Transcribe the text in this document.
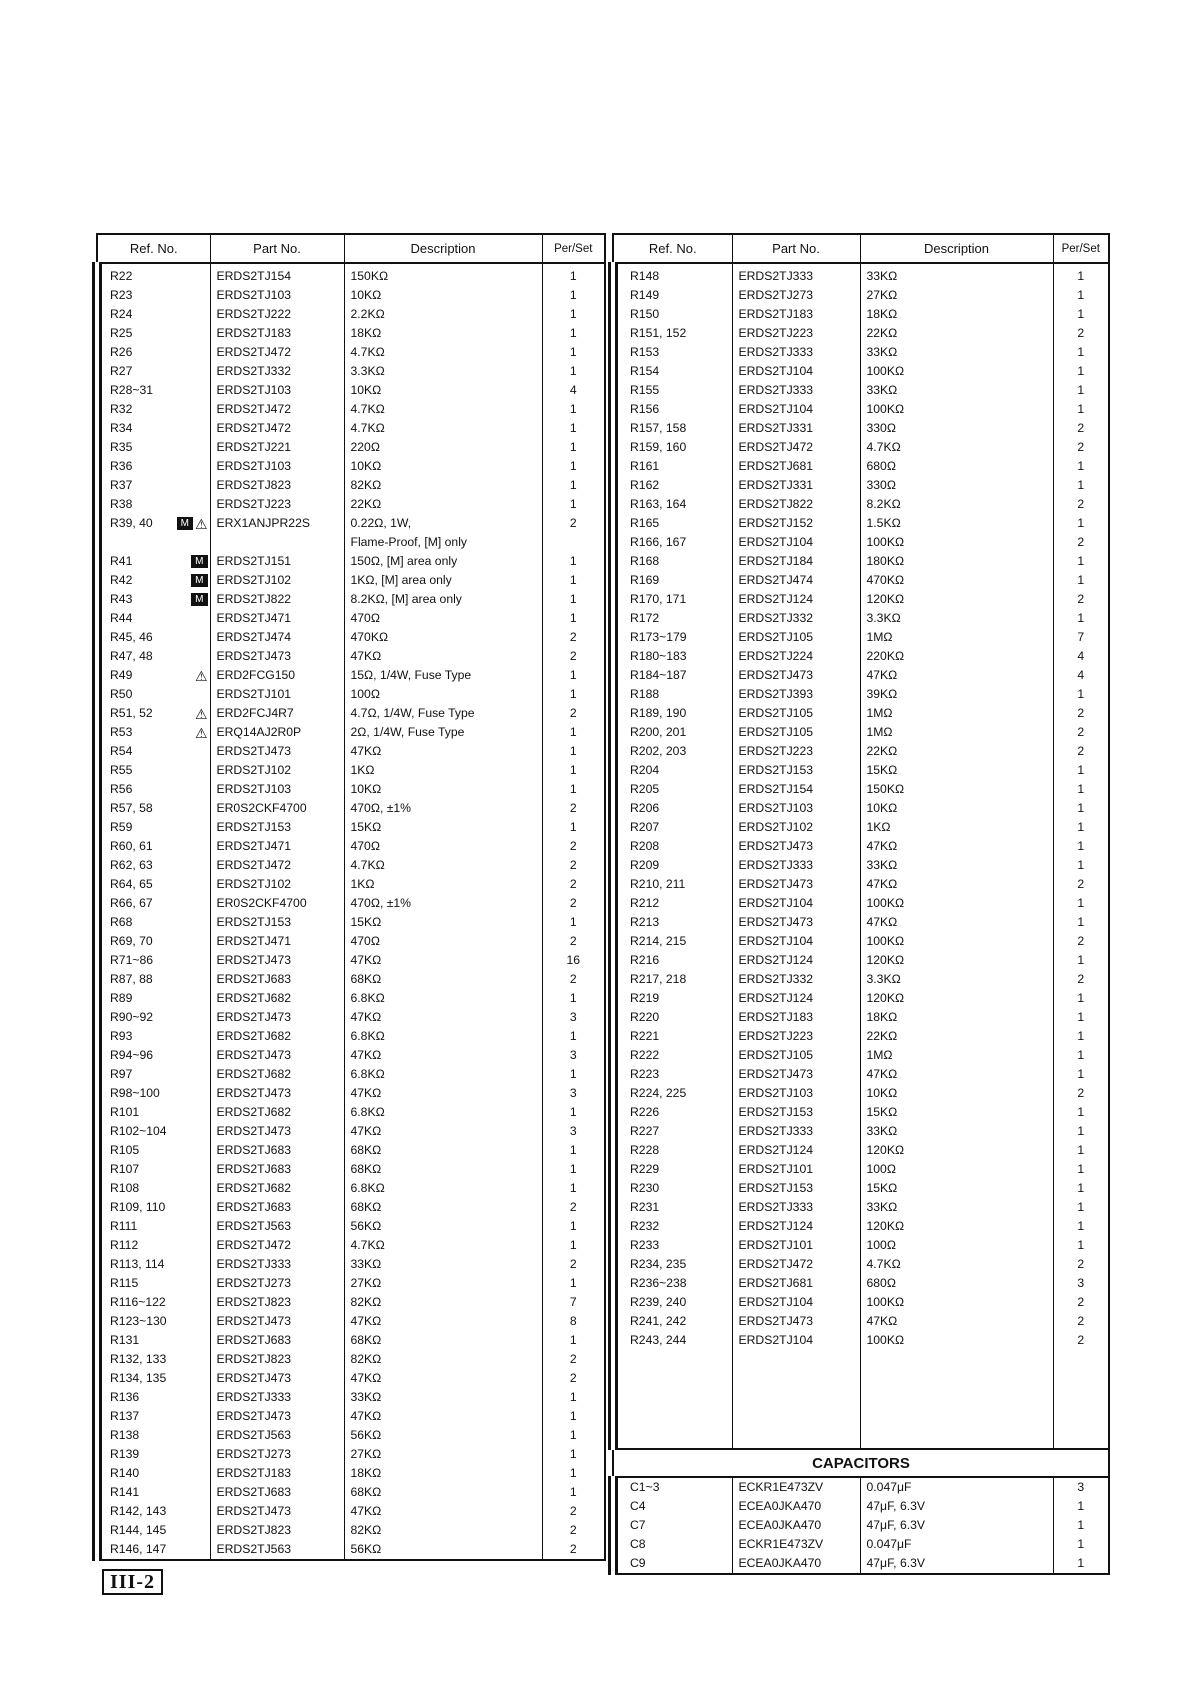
Ref. No.	Part No.	Description	Per/Set
R22	ERDS2TJ154	150KΩ	1
R23	ERDS2TJ103	10KΩ	1
R24	ERDS2TJ222	2.2KΩ	1
R25	ERDS2TJ183	18KΩ	1
R26	ERDS2TJ472	4.7KΩ	1
R27	ERDS2TJ332	3.3KΩ	1
R28~31	ERDS2TJ103	10KΩ	4
R32	ERDS2TJ472	4.7KΩ	1
R34	ERDS2TJ472	4.7KΩ	1
R35	ERDS2TJ221	220Ω	1
R36	ERDS2TJ103	10KΩ	1
R37	ERDS2TJ823	82KΩ	1
R38	ERDS2TJ223	22KΩ	1
R39, 40 M ⚠	ERX1ANJPR22S	0.22Ω, 1W,	2
		Flame-Proof, [M] only	
R41 M	ERDS2TJ151	150Ω, [M] area only	1
R42 M	ERDS2TJ102	1KΩ, [M] area only	1
R43 M	ERDS2TJ822	8.2KΩ, [M] area only	1
R44	ERDS2TJ471	470Ω	1
R45, 46	ERDS2TJ474	470KΩ	2
R47, 48	ERDS2TJ473	47KΩ	2
R49 ⚠	ERD2FCG150	15Ω, 1/4W, Fuse Type	1
R50	ERDS2TJ101	100Ω	1
R51, 52 ⚠	ERD2FCJ4R7	4.7Ω, 1/4W, Fuse Type	2
R53 ⚠	ERQ14AJ2R0P	2Ω, 1/4W, Fuse Type	1
R54	ERDS2TJ473	47KΩ	1
R55	ERDS2TJ102	1KΩ	1
R56	ERDS2TJ103	10KΩ	1
R57, 58	ER0S2CKF4700	470Ω, ±1%	2
R59	ERDS2TJ153	15KΩ	1
R60, 61	ERDS2TJ471	470Ω	2
R62, 63	ERDS2TJ472	4.7KΩ	2
R64, 65	ERDS2TJ102	1KΩ	2
R66, 67	ER0S2CKF4700	470Ω, ±1%	2
R68	ERDS2TJ153	15KΩ	1
R69, 70	ERDS2TJ471	470Ω	2
R71~86	ERDS2TJ473	47KΩ	16
R87, 88	ERDS2TJ683	68KΩ	2
R89	ERDS2TJ682	6.8KΩ	1
R90~92	ERDS2TJ473	47KΩ	3
R93	ERDS2TJ682	6.8KΩ	1
R94~96	ERDS2TJ473	47KΩ	3
R97	ERDS2TJ682	6.8KΩ	1
R98~100	ERDS2TJ473	47KΩ	3
R101	ERDS2TJ682	6.8KΩ	1
R102~104	ERDS2TJ473	47KΩ	3
R105	ERDS2TJ683	68KΩ	1
R107	ERDS2TJ683	68KΩ	1
R108	ERDS2TJ682	6.8KΩ	1
R109, 110	ERDS2TJ683	68KΩ	2
R111	ERDS2TJ563	56KΩ	1
R112	ERDS2TJ472	4.7KΩ	1
R113, 114	ERDS2TJ333	33KΩ	2
R115	ERDS2TJ273	27KΩ	1
R116~122	ERDS2TJ823	82KΩ	7
R123~130	ERDS2TJ473	47KΩ	8
R131	ERDS2TJ683	68KΩ	1
R132, 133	ERDS2TJ823	82KΩ	2
R134, 135	ERDS2TJ473	47KΩ	2
R136	ERDS2TJ333	33KΩ	1
R137	ERDS2TJ473	47KΩ	1
R138	ERDS2TJ563	56KΩ	1
R139	ERDS2TJ273	27KΩ	1
R140	ERDS2TJ183	18KΩ	1
R141	ERDS2TJ683	68KΩ	1
R142, 143	ERDS2TJ473	47KΩ	2
R144, 145	ERDS2TJ823	82KΩ	2
R146, 147	ERDS2TJ563	56KΩ	2
Ref. No.	Part No.	Description	Per/Set
R148	ERDS2TJ333	33KΩ	1
R149	ERDS2TJ273	27KΩ	1
R150	ERDS2TJ183	18KΩ	1
R151, 152	ERDS2TJ223	22KΩ	2
R153	ERDS2TJ333	33KΩ	1
R154	ERDS2TJ104	100KΩ	1
R155	ERDS2TJ333	33KΩ	1
R156	ERDS2TJ104	100KΩ	1
R157, 158	ERDS2TJ331	330Ω	2
R159, 160	ERDS2TJ472	4.7KΩ	2
R161	ERDS2TJ681	680Ω	1
R162	ERDS2TJ331	330Ω	1
R163, 164	ERDS2TJ822	8.2KΩ	2
R165	ERDS2TJ152	1.5KΩ	1
R166, 167	ERDS2TJ104	100KΩ	2
R168	ERDS2TJ184	180KΩ	1
R169	ERDS2TJ474	470KΩ	1
R170, 171	ERDS2TJ124	120KΩ	2
R172	ERDS2TJ332	3.3KΩ	1
R173~179	ERDS2TJ105	1MΩ	7
R180~183	ERDS2TJ224	220KΩ	4
R184~187	ERDS2TJ473	47KΩ	4
R188	ERDS2TJ393	39KΩ	1
R189, 190	ERDS2TJ105	1MΩ	2
R200, 201	ERDS2TJ105	1MΩ	2
R202, 203	ERDS2TJ223	22KΩ	2
R204	ERDS2TJ153	15KΩ	1
R205	ERDS2TJ154	150KΩ	1
R206	ERDS2TJ103	10KΩ	1
R207	ERDS2TJ102	1KΩ	1
R208	ERDS2TJ473	47KΩ	1
R209	ERDS2TJ333	33KΩ	1
R210, 211	ERDS2TJ473	47KΩ	2
R212	ERDS2TJ104	100KΩ	1
R213	ERDS2TJ473	47KΩ	1
R214, 215	ERDS2TJ104	100KΩ	2
R216	ERDS2TJ124	120KΩ	1
R217, 218	ERDS2TJ332	3.3KΩ	2
R219	ERDS2TJ124	120KΩ	1
R220	ERDS2TJ183	18KΩ	1
R221	ERDS2TJ223	22KΩ	1
R222	ERDS2TJ105	1MΩ	1
R223	ERDS2TJ473	47KΩ	1
R224, 225	ERDS2TJ103	10KΩ	2
R226	ERDS2TJ153	15KΩ	1
R227	ERDS2TJ333	33KΩ	1
R228	ERDS2TJ124	120KΩ	1
R229	ERDS2TJ101	100Ω	1
R230	ERDS2TJ153	15KΩ	1
R231	ERDS2TJ333	33KΩ	1
R232	ERDS2TJ124	120KΩ	1
R233	ERDS2TJ101	100Ω	1
R234, 235	ERDS2TJ472	4.7KΩ	2
R236~238	ERDS2TJ681	680Ω	3
R239, 240	ERDS2TJ104	100KΩ	2
R241, 242	ERDS2TJ473	47KΩ	2
R243, 244	ERDS2TJ104	100KΩ	2

CAPACITORS			
C1~3	ECKR1E473ZV	0.047μF	3
C4	ECEA0JKA470	47μF, 6.3V	1
C7	ECEA0JKA470	47μF, 6.3V	1
C8	ECKR1E473ZV	0.047μF	1
C9	ECEA0JKA470	47μF, 6.3V	1
III-2
